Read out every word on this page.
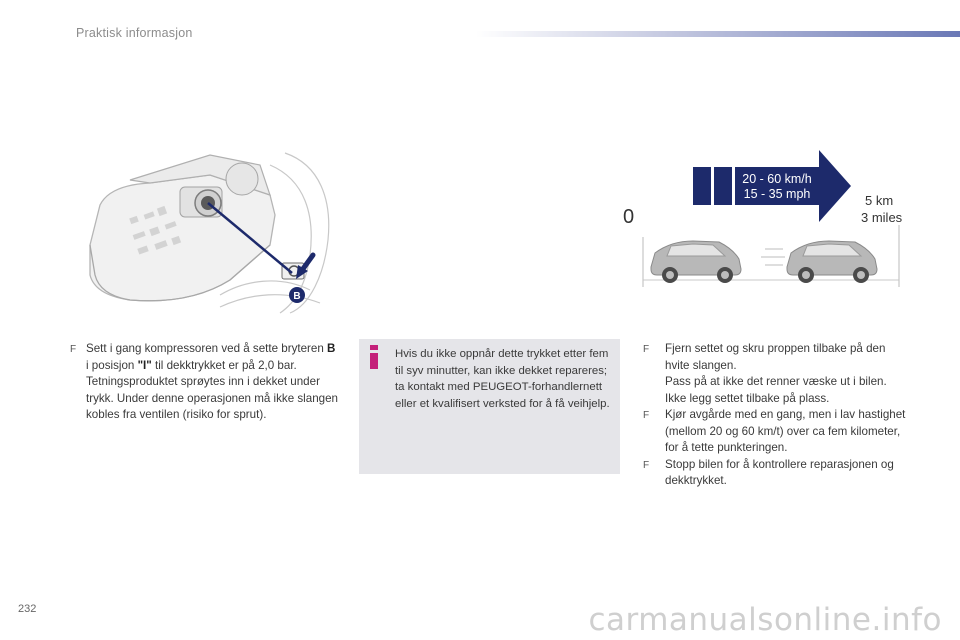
Praktisk informasjon
B
20 - 60 km/h
15 - 35 mph
0
5 km
3 miles
F Sett i gang kompressoren ved å sette bryteren B i posisjon "I" til dekktrykket er på 2,0 bar.
Tetningsproduktet sprøytes inn i dekket under trykk. Under denne operasjonen må ikke slangen kobles fra ventilen (risiko for sprut).
Hvis du ikke oppnår dette trykket etter fem til syv minutter, kan ikke dekket repareres; ta kontakt med PEUGEOT-forhandlernett eller et kvalifisert verksted for å få veihjelp.
F Fjern settet og skru proppen tilbake på den hvite slangen.
Pass på at ikke det renner væske ut i bilen.
Ikke legg settet tilbake på plass.
F Kjør avgårde med en gang, men i lav hastighet (mellom 20 og 60 km/t) over ca fem kilometer, for å tette punkteringen.
F Stopp bilen for å kontrollere reparasjonen og dekktrykket.
232	carmanualsonline.info
